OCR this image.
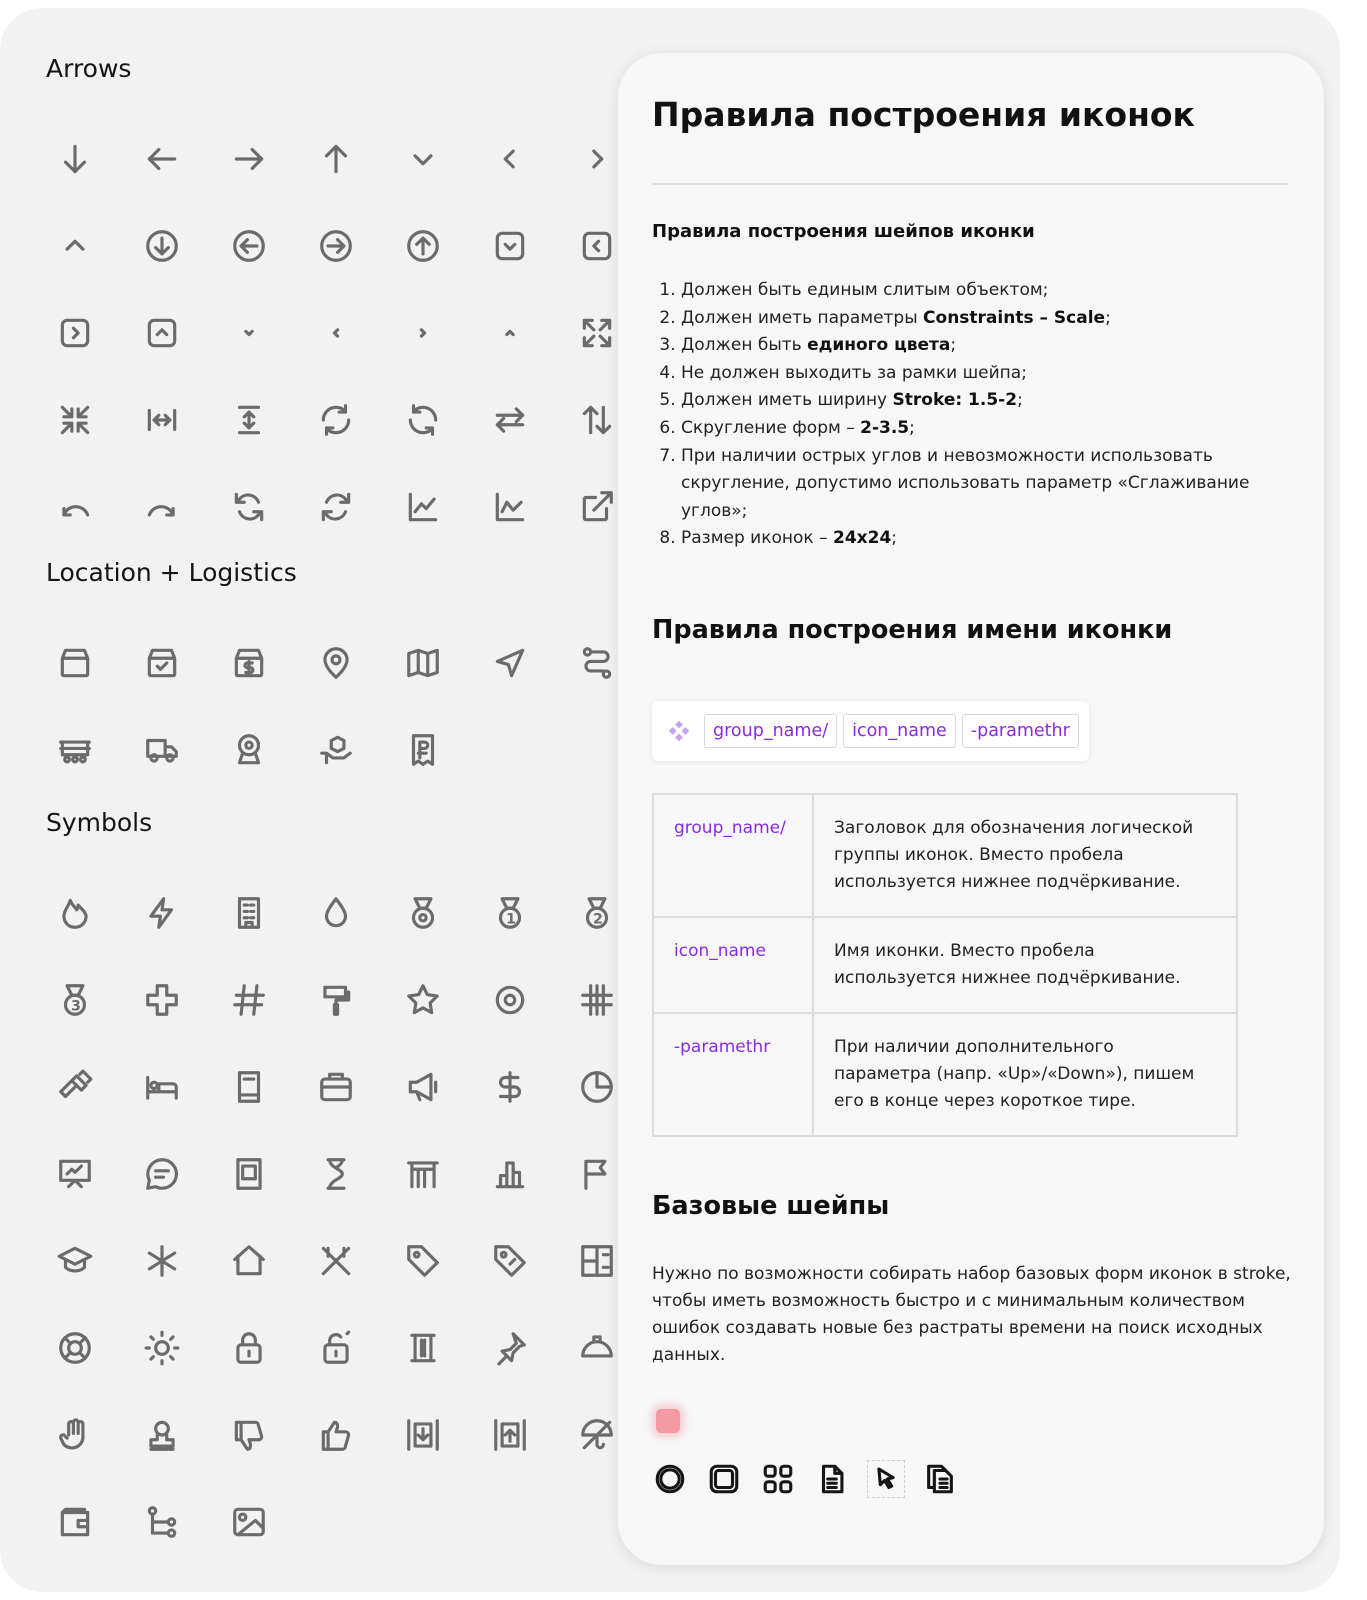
Arrows
Location + Logistics
Symbols
1	2
3
Правила построения иконок
Правила построения шейпов иконки
1. Должен быть единым слитым объектом;
2. Должен иметь параметры Constraints – Scale;
3. Должен быть единого цвета;
4. Не должен выходить за рамки шейпа;
5. Должен иметь ширину Stroke: 1.5-2;
6. Скругление форм – 2-3.5;
7. При наличии острых углов и невозможности использовать скругление, допустимо использовать параметр «Сглаживание углов»;
8. Размер иконок – 24x24;
Правила построения имени иконки
group_name/	icon_name	-paramethr
group_name/	Заголовок для обозначения логической группы иконок. Вместо пробела используется нижнее подчёркивание.
icon_name	Имя иконки. Вместо пробела используется нижнее подчёркивание.
-paramethr	При наличии дополнительного параметра (напр. «Up»/«Down»), пишем его в конце через короткое тире.
Базовые шейпы

Нужно по возможности собирать набор базовых форм иконок в stroke, чтобы иметь возможность быстро и с минимальным количеством ошибок создавать новые без растраты времени на поиск исходных данных.
